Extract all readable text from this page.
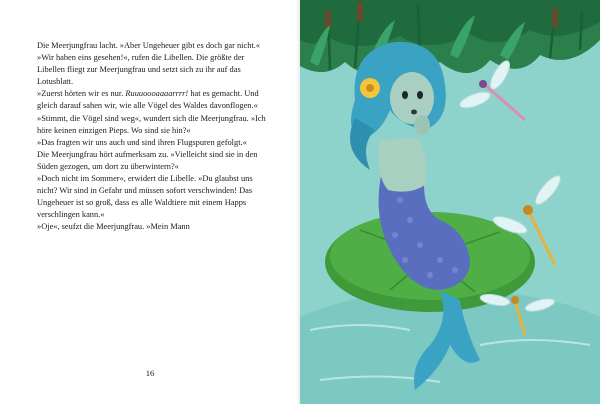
Die Meerjungfrau lacht. »Aber Ungeheuer gibt es doch gar nicht.«

»Wir haben eins gesehen!«, rufen die Libellen. Die größte der Libellen fliegt zur Meerjungfrau und setzt sich zu ihr auf das Lotusblatt.

»Zuerst hörten wir es nur. Ruuuoooaaaarrrr! hat es gemacht. Und gleich darauf sahen wir, wie alle Vögel des Waldes davonflogen.«

»Stimmt, die Vögel sind weg«, wundert sich die Meerjungfrau. »Ich höre keinen einzigen Pieps. Wo sind sie hin?«

»Das fragten wir uns auch und sind ihren Flugspuren gefolgt.«

Die Meerjungfrau hört aufmerksam zu. »Vielleicht sind sie in den Süden gezogen, um dort zu überwintern?«

»Doch nicht im Sommer«, erwidert die Libelle. »Du glaubst uns nicht? Wir sind in Gefahr und müssen sofort verschwinden! Das Ungeheuer ist so groß, dass es alle Waldtiere mit einem Happs verschlingen kann.«

»Oje«, seufzt die Meerjungfrau. »Mein Mann

16
